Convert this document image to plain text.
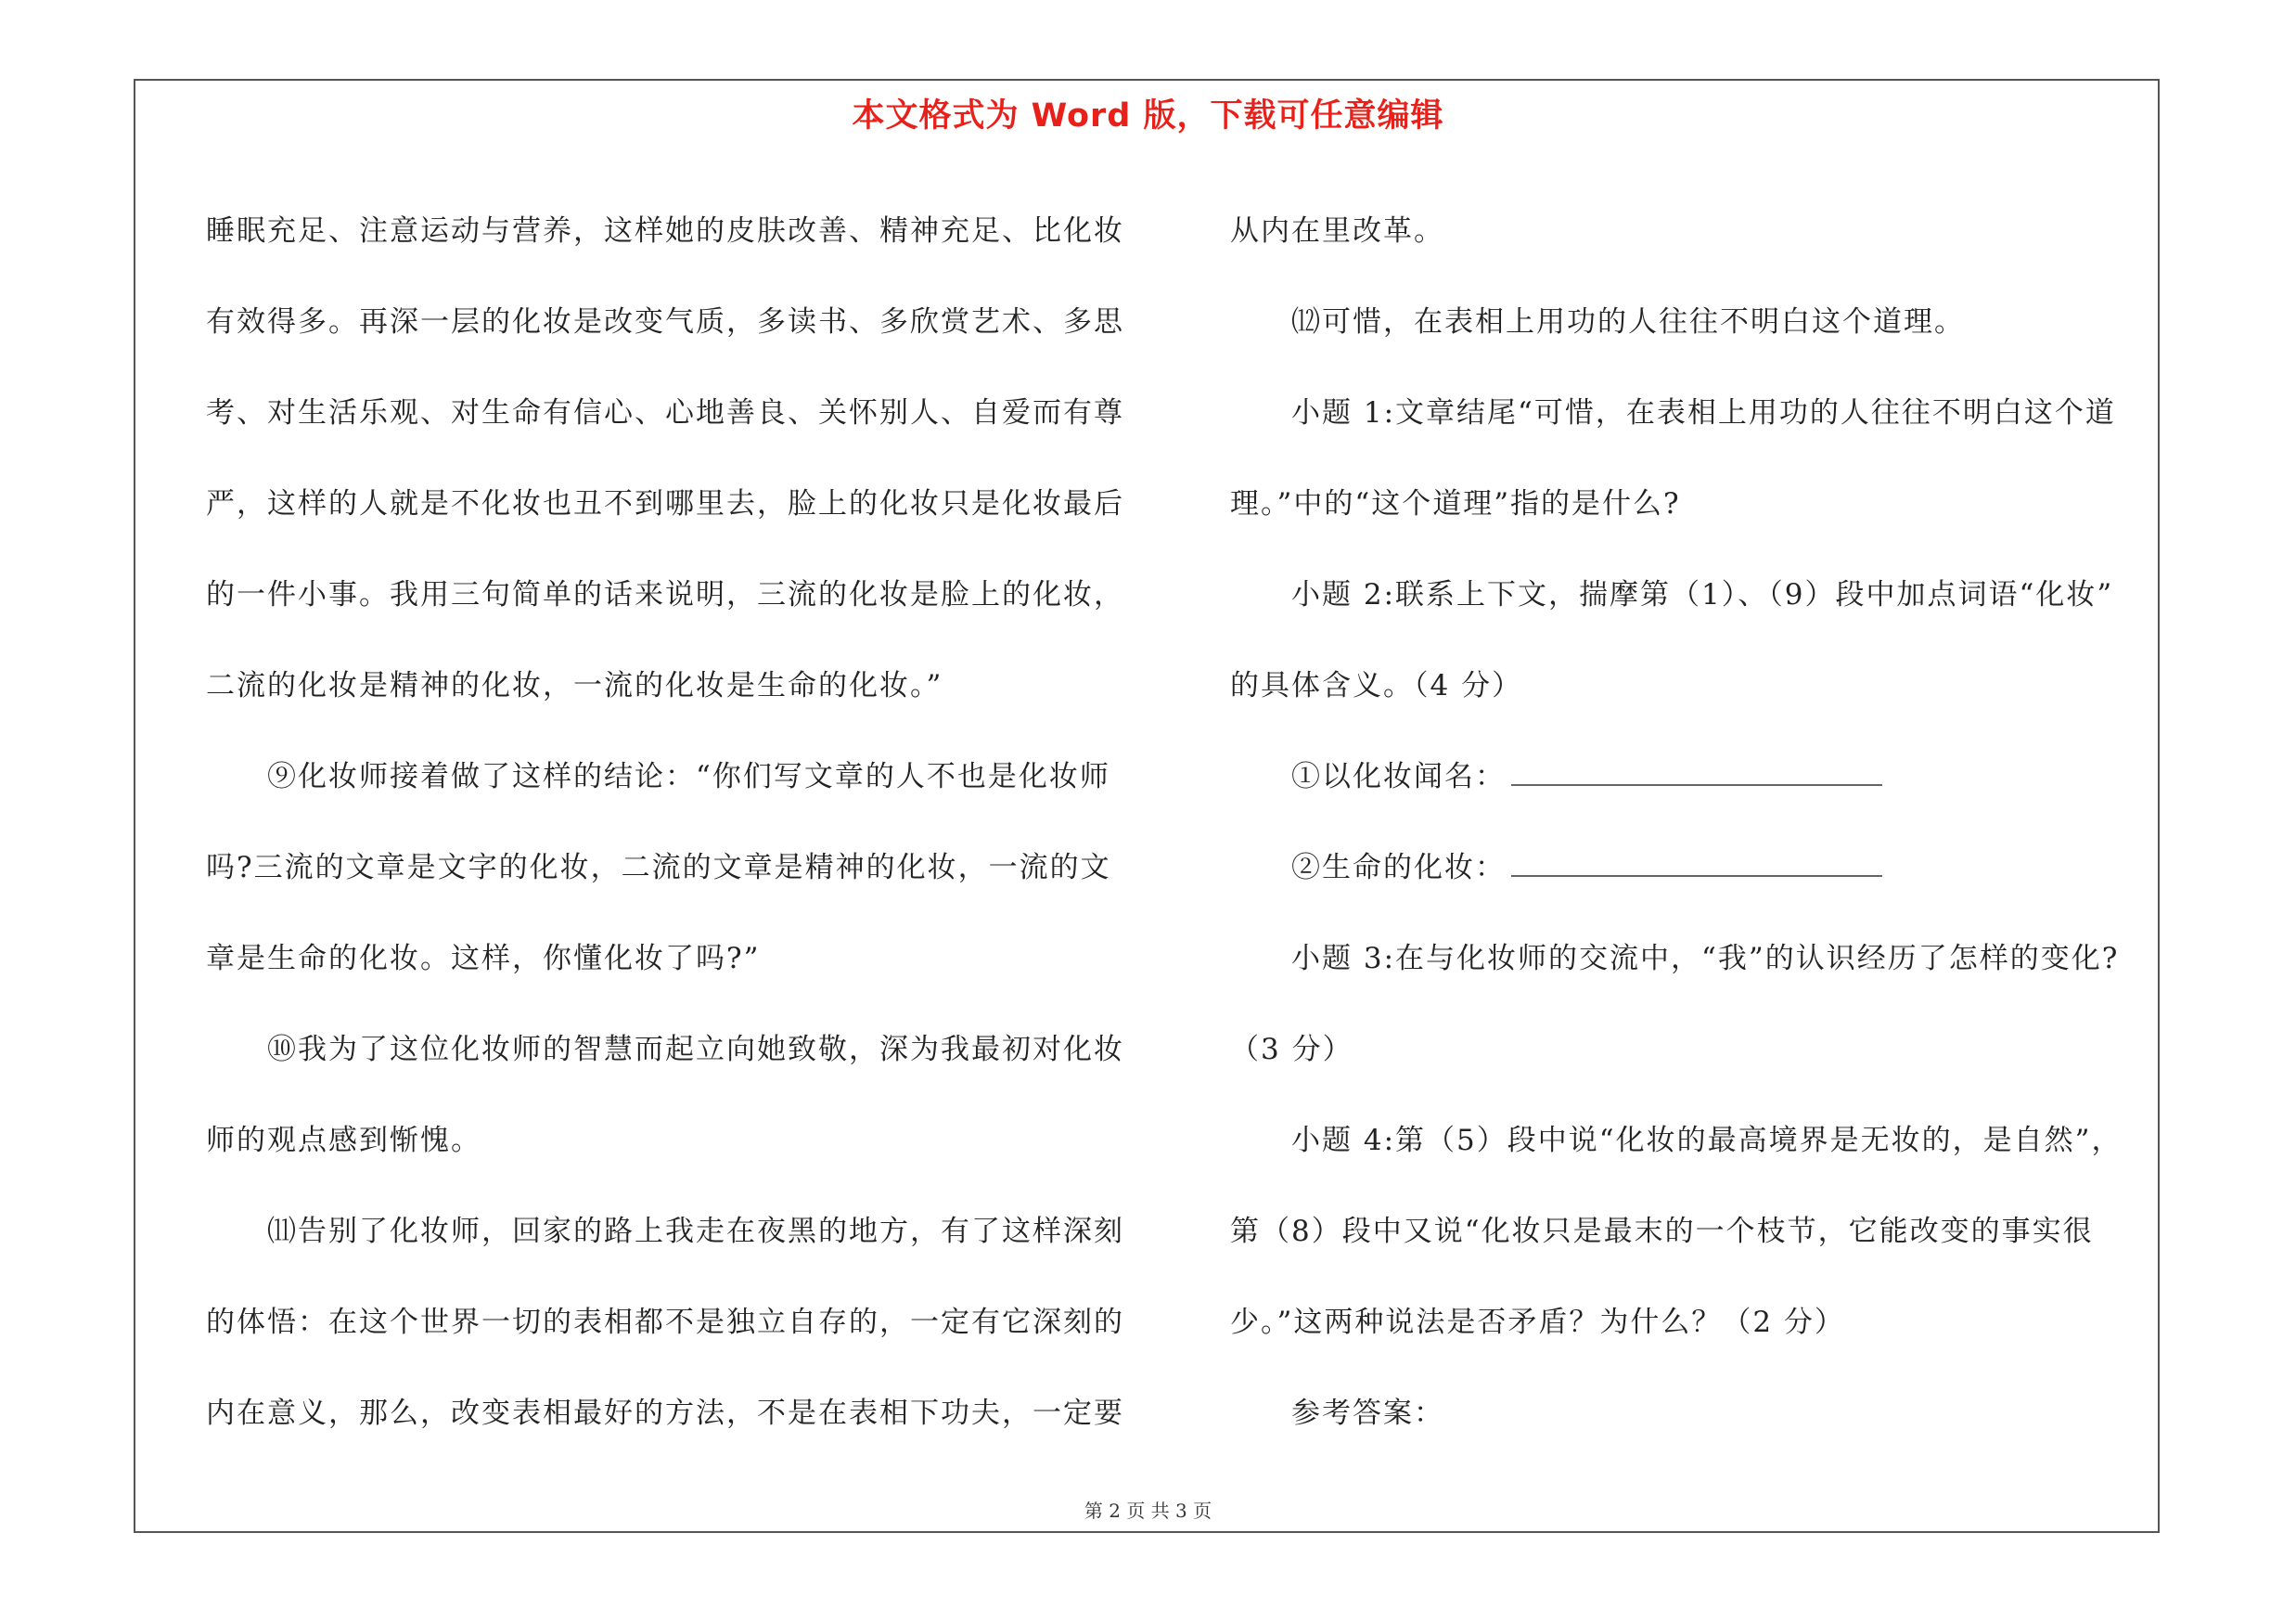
本文格式为 Word 版，下载可任意编辑
睡眠充足、注意运动与营养，这样她的皮肤改善、精神充足、比化妆
有效得多。再深一层的化妆是改变气质，多读书、多欣赏艺术、多思
考、对生活乐观、对生命有信心、心地善良、关怀别人、自爱而有尊
严，这样的人就是不化妆也丑不到哪里去，脸上的化妆只是化妆最后
的一件小事。我用三句简单的话来说明，三流的化妆是脸上的化妆，
二流的化妆是精神的化妆，一流的化妆是生命的化妆。”
⑨化妆师接着做了这样的结论：“你们写文章的人不也是化妆师
吗?三流的文章是文字的化妆，二流的文章是精神的化妆，一流的文
章是生命的化妆。这样，你懂化妆了吗?”
⑩我为了这位化妆师的智慧而起立向她致敬，深为我最初对化妆
师的观点感到惭愧。
⑾告别了化妆师，回家的路上我走在夜黑的地方，有了这样深刻
的体悟：在这个世界一切的表相都不是独立自存的，一定有它深刻的
内在意义，那么，改变表相最好的方法，不是在表相下功夫，一定要
从内在里改革。
⑿可惜，在表相上用功的人往往不明白这个道理。
小题 1:文章结尾“可惜，在表相上用功的人往往不明白这个道
理。”中的“这个道理”指的是什么?
小题 2:联系上下文，揣摩第（1）、（9）段中加点词语“化妆”
的具体含义。（4 分）
①以化妆闻名：
②生命的化妆：
小题 3:在与化妆师的交流中，“我”的认识经历了怎样的变化?
（3 分）
小题 4:第（5）段中说“化妆的最高境界是无妆的，是自然”，
第（8）段中又说“化妆只是最末的一个枝节，它能改变的事实很
少。”这两种说法是否矛盾？为什么？（2 分）
参考答案：
第 2 页 共 3 页
